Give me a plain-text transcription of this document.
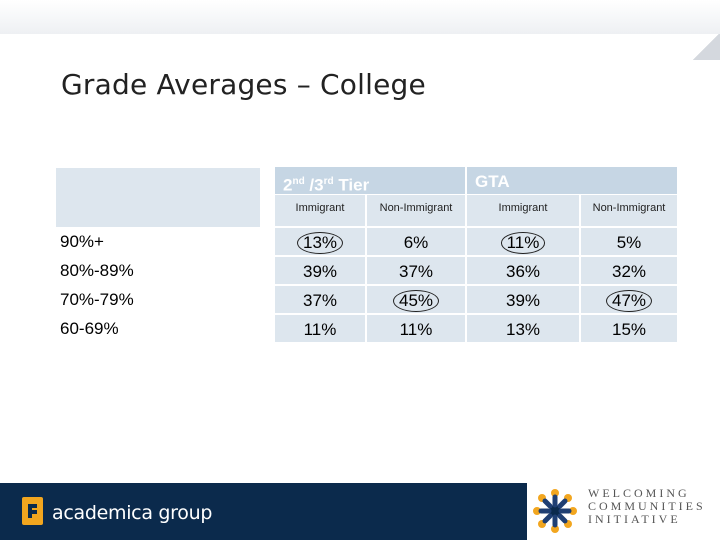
Grade Averages – College
2nd /3rd Tier	GTA
Immigrant	Non-Immigrant	Immigrant	Non-Immigrant
90%+	13%	6%	11%	5%
80%-89%	39%	37%	36%	32%
70%-79%	37%	45%	39%	47%
60-69%	11%	11%	13%	15%
academica group
WELCOMING
COMMUNITIES
INITIATIVE
